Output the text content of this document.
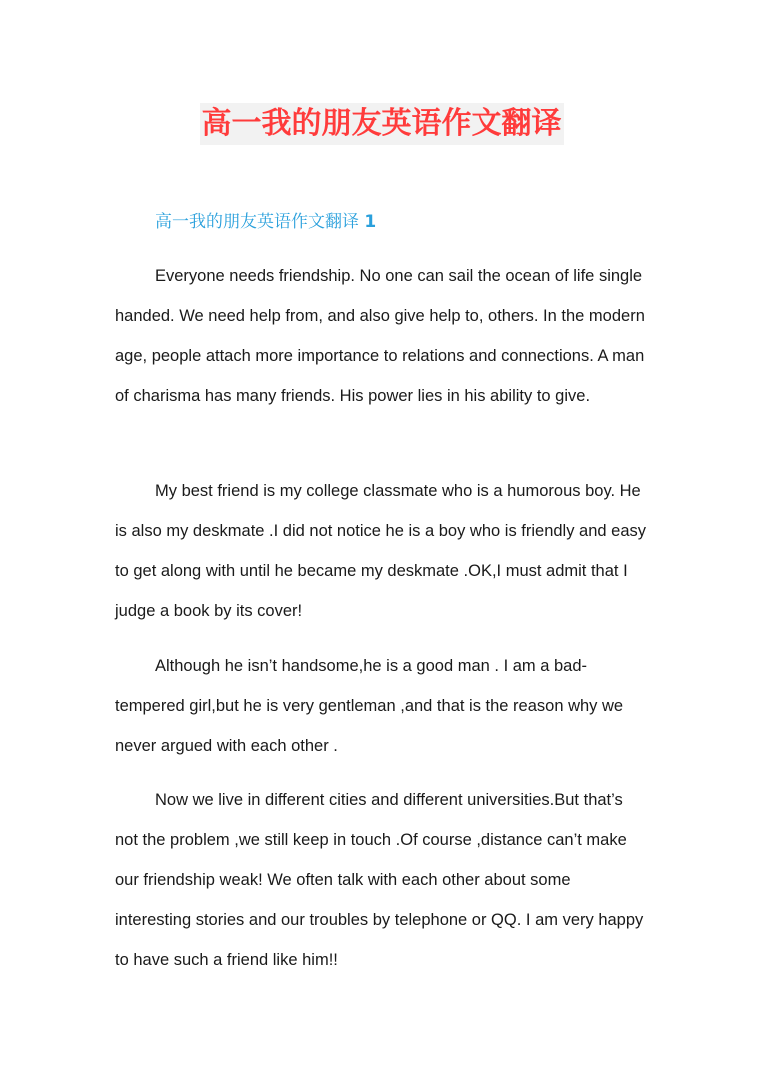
高一我的朋友英语作文翻译
高一我的朋友英语作文翻译 1

Everyone needs friendship. No one can sail the ocean of life single handed. We need help from, and also give help to, others. In the modern age, people attach more importance to relations and connections. A man of charisma has many friends. His power lies in his ability to give.

My best friend is my college classmate who is a humorous boy. He is also my deskmate .I did not notice he is a boy who is friendly and easy to get along with until he became my deskmate .OK,I must admit that I judge a book by its cover!

Although he isn’t handsome,he is a good man . I am a bad-tempered girl,but he is very gentleman ,and that is the reason why we never argued with each other .

Now we live in different cities and different universities.But that’s not the problem ,we still keep in touch .Of course ,distance can’t make our friendship weak! We often talk with each other about some interesting stories and our troubles by telephone or QQ. I am very happy to have such a friend like him!!
